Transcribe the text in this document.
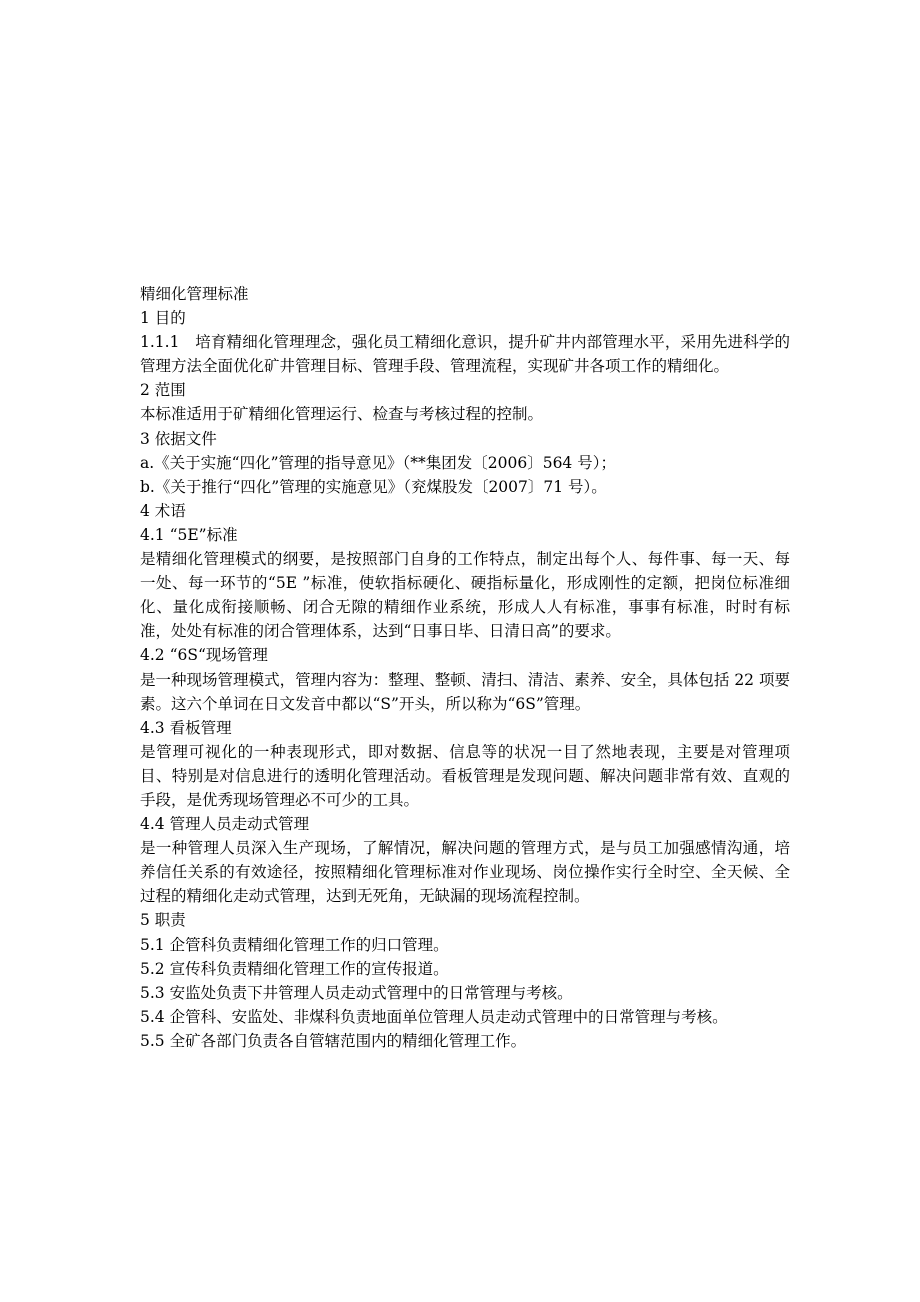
精细化管理标准

1 目的

1.1.1　培育精细化管理理念，强化员工精细化意识，提升矿井内部管理水平，采用先进科学的管理方法全面优化矿井管理目标、管理手段、管理流程，实现矿井各项工作的精细化。

2 范围

本标准适用于矿精细化管理运行、检查与考核过程的控制。

3 依据文件

a.《关于实施“四化”管理的指导意见》（**集团发〔2006〕564 号）；

b.《关于推行“四化”管理的实施意见》（兖煤股发〔2007〕71 号）。

4 术语

4.1 “5E”标准

是精细化管理模式的纲要，是按照部门自身的工作特点，制定出每个人、每件事、每一天、每一处、每一环节的“5E ”标准，使软指标硬化、硬指标量化，形成刚性的定额，把岗位标准细化、量化成衔接顺畅、闭合无隙的精细作业系统，形成人人有标准，事事有标准，时时有标准，处处有标准的闭合管理体系，达到“日事日毕、日清日高”的要求。

4.2 “6S“现场管理

是一种现场管理模式，管理内容为：整理、整顿、清扫、清洁、素养、安全，具体包括 22 项要素。这六个单词在日文发音中都以“S”开头，所以称为“6S”管理。

4.3 看板管理

是管理可视化的一种表现形式，即对数据、信息等的状况一目了然地表现，主要是对管理项目、特别是对信息进行的透明化管理活动。看板管理是发现问题、解决问题非常有效、直观的手段，是优秀现场管理必不可少的工具。

4.4 管理人员走动式管理

是一种管理人员深入生产现场，了解情况，解决问题的管理方式，是与员工加强感情沟通，培养信任关系的有效途径，按照精细化管理标准对作业现场、岗位操作实行全时空、全天候、全过程的精细化走动式管理，达到无死角，无缺漏的现场流程控制。

5 职责

5.1 企管科负责精细化管理工作的归口管理。

5.2 宣传科负责精细化管理工作的宣传报道。

5.3 安监处负责下井管理人员走动式管理中的日常管理与考核。

5.4 企管科、安监处、非煤科负责地面单位管理人员走动式管理中的日常管理与考核。

5.5 全矿各部门负责各自管辖范围内的精细化管理工作。
